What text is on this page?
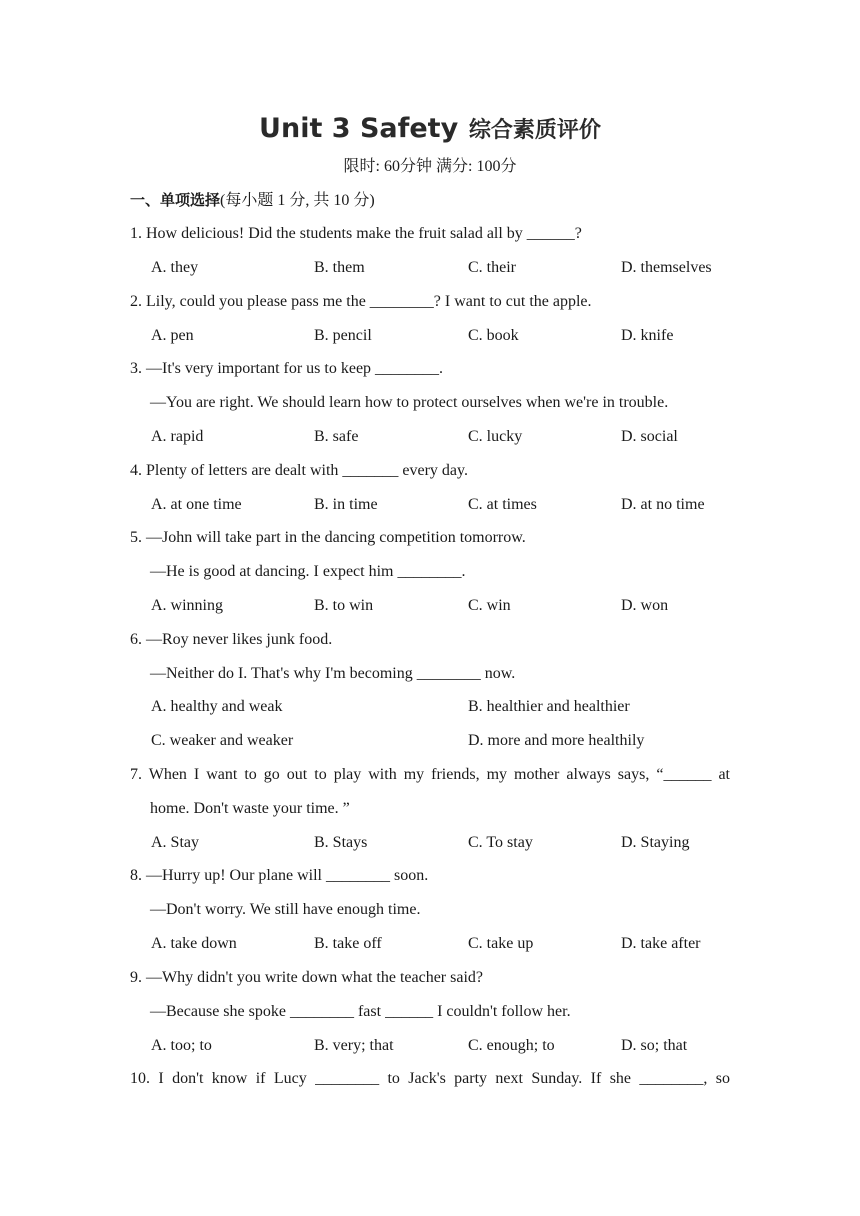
Unit 3 Safety 综合素质评价
限时: 60分钟 满分: 100分
一、单项选择(每小题 1 分, 共 10 分)
1. How delicious! Did the students make the fruit salad all by ______?
A. they	B. them	C. their	D. themselves
2. Lily, could you please pass me the ________? I want to cut the apple.
A. pen	B. pencil	C. book	D. knife
3. —It's very important for us to keep ________.
—You are right. We should learn how to protect ourselves when we're in trouble.
A. rapid	B. safe	C. lucky	D. social
4. Plenty of letters are dealt with _______ every day.
A. at one time	B. in time	C. at times	D. at no time
5. —John will take part in the dancing competition tomorrow.
—He is good at dancing. I expect him ________.
A. winning	B. to win	C. win	D. won
6. —Roy never likes junk food.
—Neither do I. That's why I'm becoming ________ now.
A. healthy and weak	B. healthier and healthier
C. weaker and weaker	D. more and more healthily
7. When I want to go out to play with my friends, my mother always says, “______ at
home. Don't waste your time. ”
A. Stay	B. Stays	C. To stay	D. Staying
8. —Hurry up! Our plane will ________ soon.
—Don't worry. We still have enough time.
A. take down	B. take off	C. take up	D. take after
9. —Why didn't you write down what the teacher said?
—Because she spoke ________ fast ______ I couldn't follow her.
A. too; to	B. very; that	C. enough; to	D. so; that
10. I don't know if Lucy ________ to Jack's party next Sunday. If she ________, so
